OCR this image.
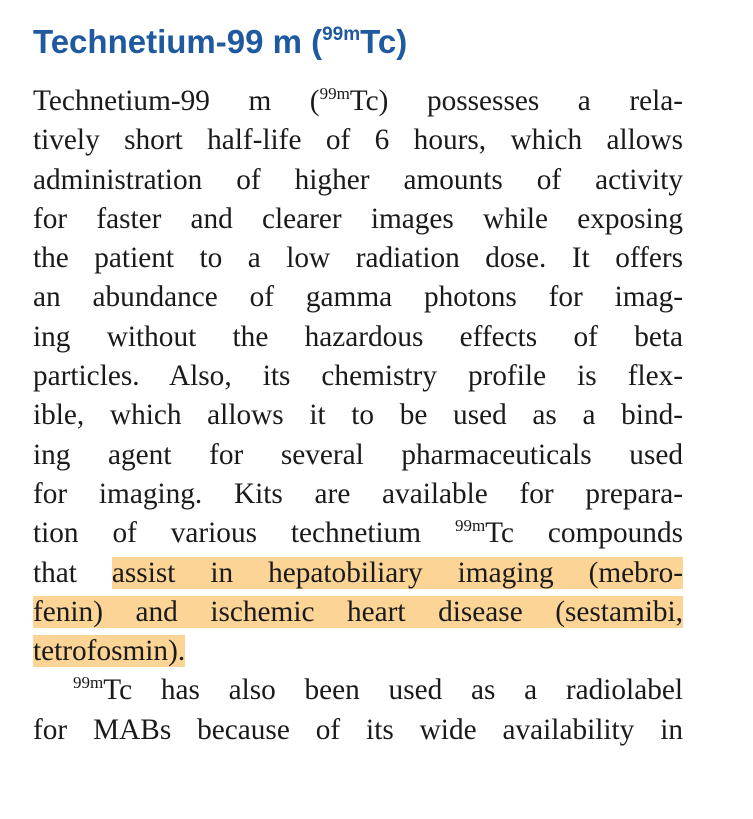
Technetium-99 m ($^{99m}$Tc)
Technetium-99 m ($^{99m}$Tc) possesses a rela-
tively short half-life of 6 hours, which allows
administration of higher amounts of activity
for faster and clearer images while exposing
the patient to a low radiation dose. It offers
an abundance of gamma photons for imag-
ing without the hazardous effects of beta
particles. Also, its chemistry profile is flex-
ible, which allows it to be used as a bind-
ing agent for several pharmaceuticals used
for imaging. Kits are available for prepara-
tion of various technetium $^{99m}$Tc compounds
that assist in hepatobiliary imaging (mebro-
fenin) and ischemic heart disease (sestamibi,
tetrofosmin).
$^{99m}$Tc has also been used as a radiolabel
for MABs because of its wide availability in
